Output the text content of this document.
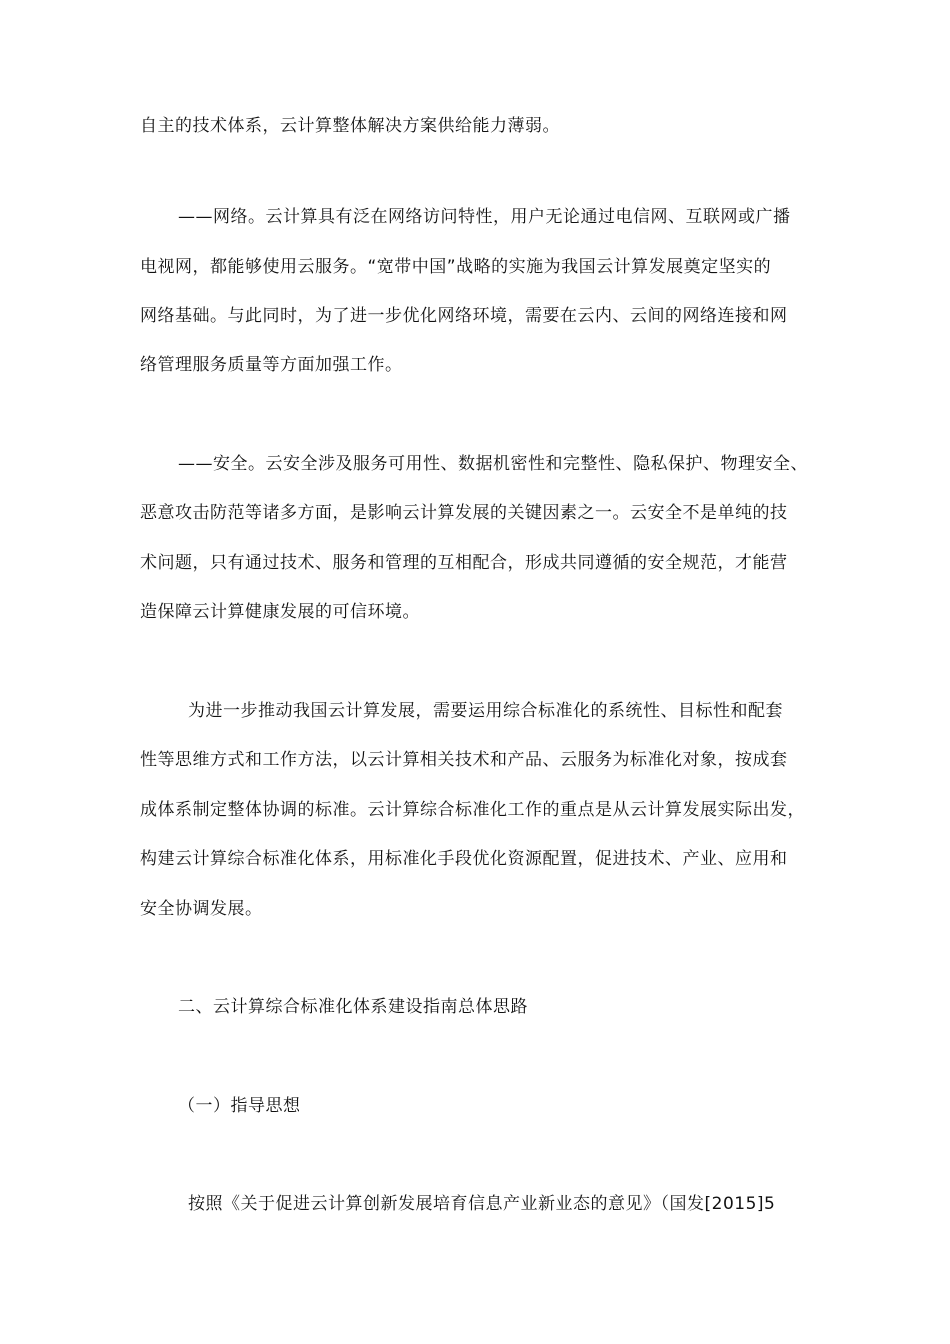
自主的技术体系，云计算整体解决方案供给能力薄弱。
——网络。云计算具有泛在网络访问特性，用户无论通过电信网、互联网或广播
电视网，都能够使用云服务。“宽带中国”战略的实施为我国云计算发展奠定坚实的
网络基础。与此同时，为了进一步优化网络环境，需要在云内、云间的网络连接和网
络管理服务质量等方面加强工作。
——安全。云安全涉及服务可用性、数据机密性和完整性、隐私保护、物理安全、
恶意攻击防范等诸多方面，是影响云计算发展的关键因素之一。云安全不是单纯的技
术问题，只有通过技术、服务和管理的互相配合，形成共同遵循的安全规范，才能营
造保障云计算健康发展的可信环境。
为进一步推动我国云计算发展，需要运用综合标准化的系统性、目标性和配套
性等思维方式和工作方法，以云计算相关技术和产品、云服务为标准化对象，按成套
成体系制定整体协调的标准。云计算综合标准化工作的重点是从云计算发展实际出发，
构建云计算综合标准化体系，用标准化手段优化资源配置，促进技术、产业、应用和
安全协调发展。
二、云计算综合标准化体系建设指南总体思路
（一）指导思想
按照《关于促进云计算创新发展培育信息产业新业态的意见》（国发[2015]5
